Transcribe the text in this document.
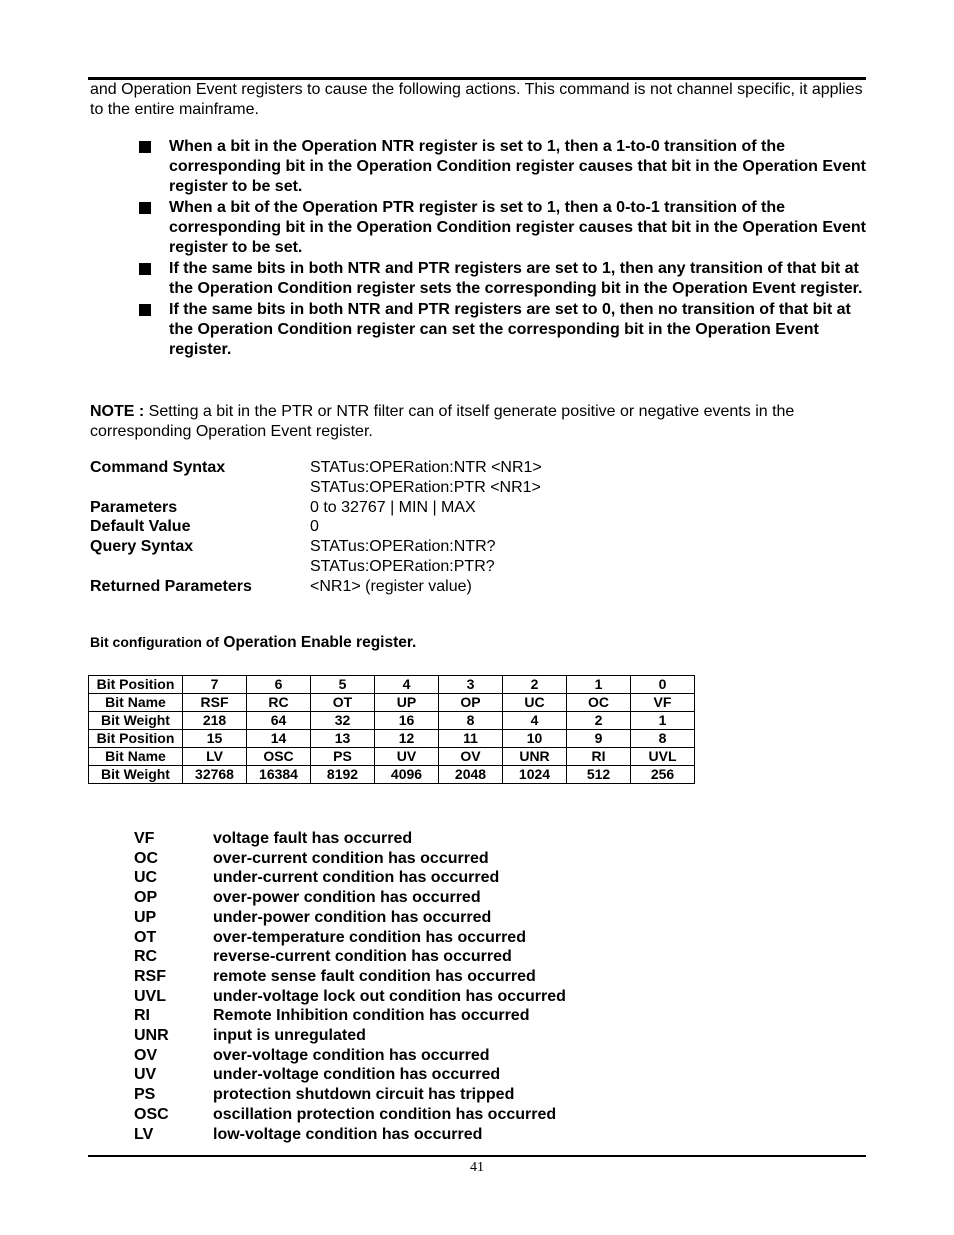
and Operation Event registers to cause the following actions. This command is not channel specific, it applies to the entire mainframe.
When a bit in the Operation NTR register is set to 1, then a 1-to-0 transition of the corresponding bit in the Operation Condition register causes that bit in the Operation Event register to be set.
When a bit of the Operation PTR register is set to 1, then a 0-to-1 transition of the corresponding bit in the Operation Condition register causes that bit in the Operation Event register to be set.
If the same bits in both NTR and PTR registers are set to 1, then any transition of that bit at the Operation Condition register sets the corresponding bit in the Operation Event register.
If the same bits in both NTR and PTR registers are set to 0, then no transition of that bit at the Operation Condition register can set the corresponding bit in the Operation Event register.
NOTE : Setting a bit in the PTR or NTR filter can of itself generate positive or negative events in the corresponding Operation Event register.
Command Syntax	STATus:OPERation:NTR <NR1>
STATus:OPERation:PTR <NR1>
Parameters	0 to 32767 | MIN | MAX
Default Value	0
Query Syntax	STATus:OPERation:NTR?
STATus:OPERation:PTR?
Returned Parameters	<NR1> (register value)
Bit configuration of Operation Enable register.
Bit Position	7	6	5	4	3	2	1	0
Bit Name	RSF	RC	OT	UP	OP	UC	OC	VF
Bit Weight	218	64	32	16	8	4	2	1
Bit Position	15	14	13	12	11	10	9	8
Bit Name	LV	OSC	PS	UV	OV	UNR	RI	UVL
Bit Weight	32768	16384	8192	4096	2048	1024	512	256
VF	voltage fault has occurred
OC	over-current condition has occurred
UC	under-current condition has occurred
OP	over-power condition has occurred
UP	under-power condition has occurred
OT	over-temperature condition has occurred
RC	reverse-current condition has occurred
RSF	remote sense fault condition has occurred
UVL	under-voltage lock out condition has occurred
RI	Remote Inhibition condition has occurred
UNR	input is unregulated
OV	over-voltage condition has occurred
UV	under-voltage condition has occurred
PS	protection shutdown circuit has tripped
OSC	oscillation protection condition has occurred
LV	low-voltage condition has occurred
41
